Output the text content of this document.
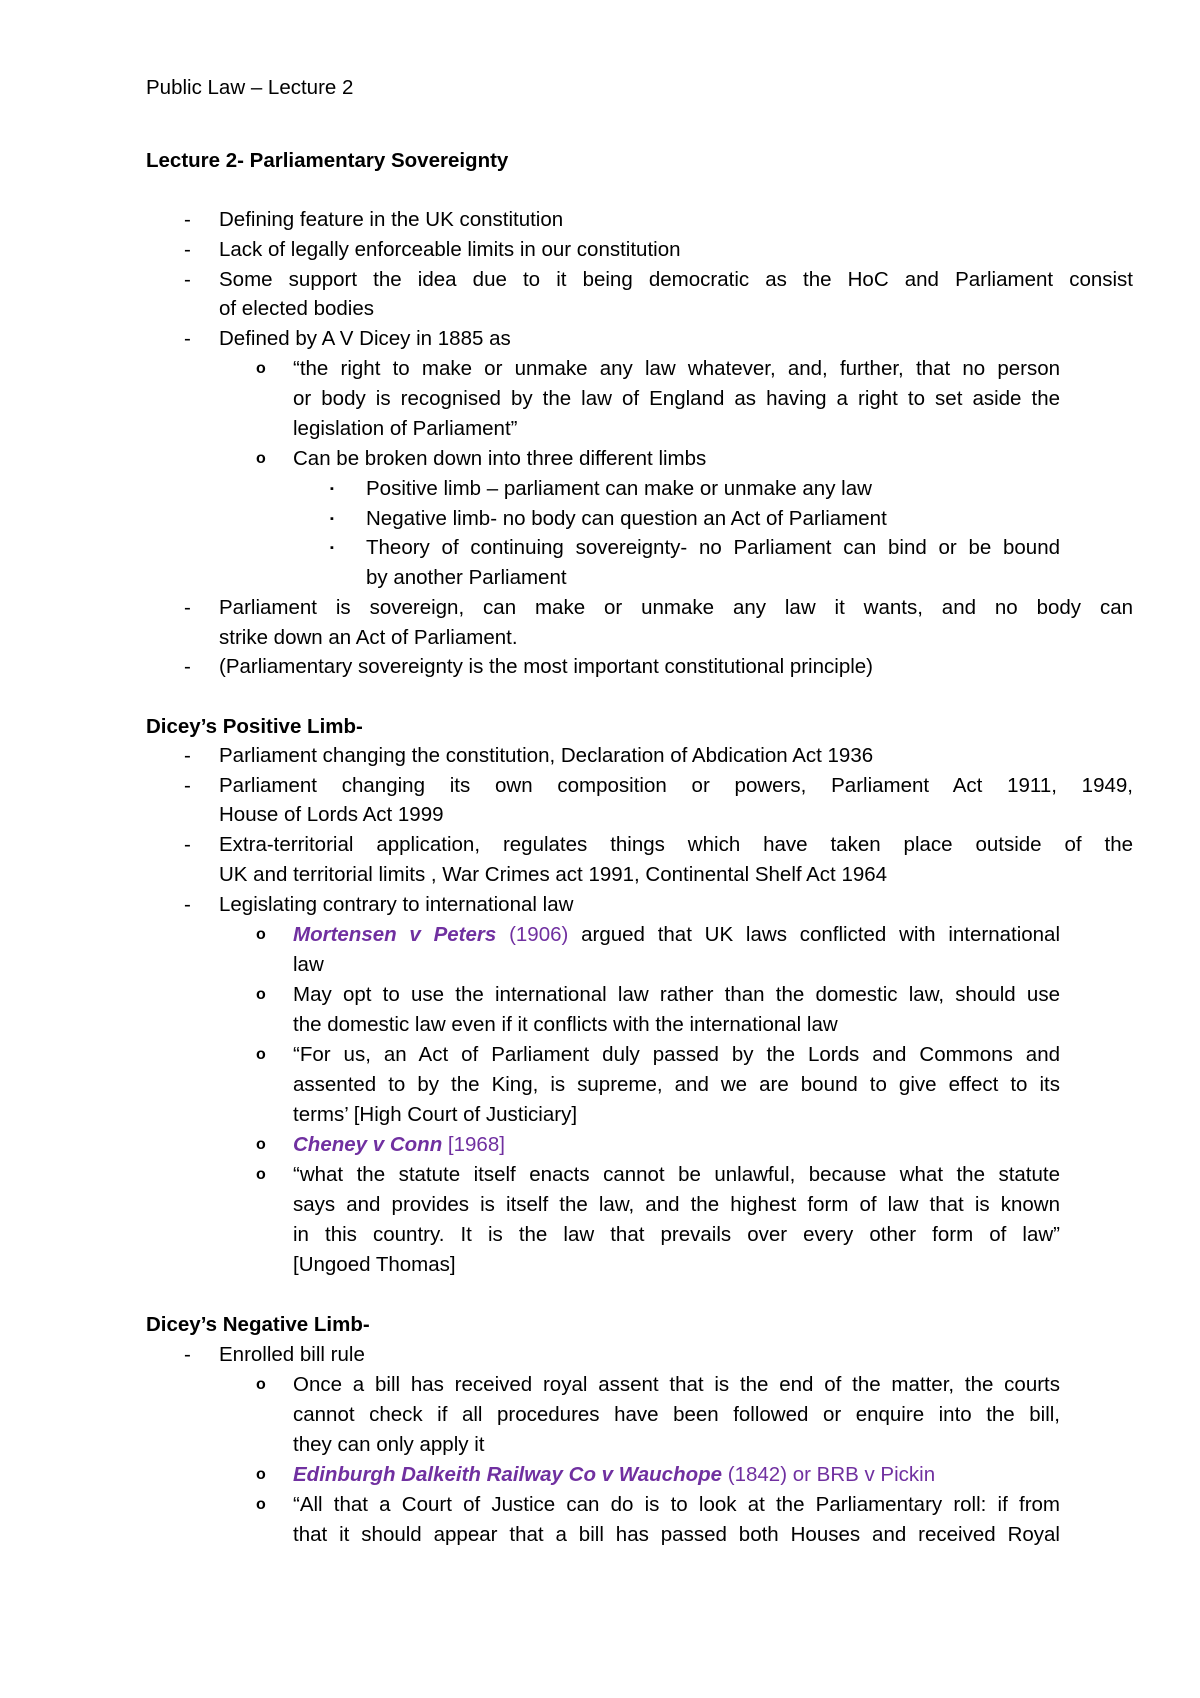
Public Law – Lecture 2
Lecture 2- Parliamentary Sovereignty
- Defining feature in the UK constitution
- Lack of legally enforceable limits in our constitution
- Some support the idea due to it being democratic as the HoC and Parliament consist
of elected bodies
- Defined by A V Dicey in 1885 as
o “the right to make or unmake any law whatever, and, further, that no person
or body is recognised by the law of England as having a right to set aside the
legislation of Parliament”
o Can be broken down into three different limbs
▪ Positive limb – parliament can make or unmake any law
▪ Negative limb- no body can question an Act of Parliament
▪ Theory of continuing sovereignty- no Parliament can bind or be bound
by another Parliament
- Parliament is sovereign, can make or unmake any law it wants, and no body can
strike down an Act of Parliament.
- (Parliamentary sovereignty is the most important constitutional principle)
Dicey’s Positive Limb-
- Parliament changing the constitution, Declaration of Abdication Act 1936
- Parliament changing its own composition or powers, Parliament Act 1911, 1949,
House of Lords Act 1999
- Extra-territorial application, regulates things which have taken place outside of the
UK and territorial limits , War Crimes act 1991, Continental Shelf Act 1964
- Legislating contrary to international law
o Mortensen v Peters (1906) argued that UK laws conflicted with international
law
o May opt to use the international law rather than the domestic law, should use
the domestic law even if it conflicts with the international law
o “For us, an Act of Parliament duly passed by the Lords and Commons and
assented to by the King, is supreme, and we are bound to give effect to its
terms’ [High Court of Justiciary]
o Cheney v Conn [1968]
o “what the statute itself enacts cannot be unlawful, because what the statute
says and provides is itself the law, and the highest form of law that is known
in this country. It is the law that prevails over every other form of law”
[Ungoed Thomas]
Dicey’s Negative Limb-
- Enrolled bill rule
o Once a bill has received royal assent that is the end of the matter, the courts
cannot check if all procedures have been followed or enquire into the bill,
they can only apply it
o Edinburgh Dalkeith Railway Co v Wauchope (1842) or BRB v Pickin
o “All that a Court of Justice can do is to look at the Parliamentary roll: if from
that it should appear that a bill has passed both Houses and received Royal
